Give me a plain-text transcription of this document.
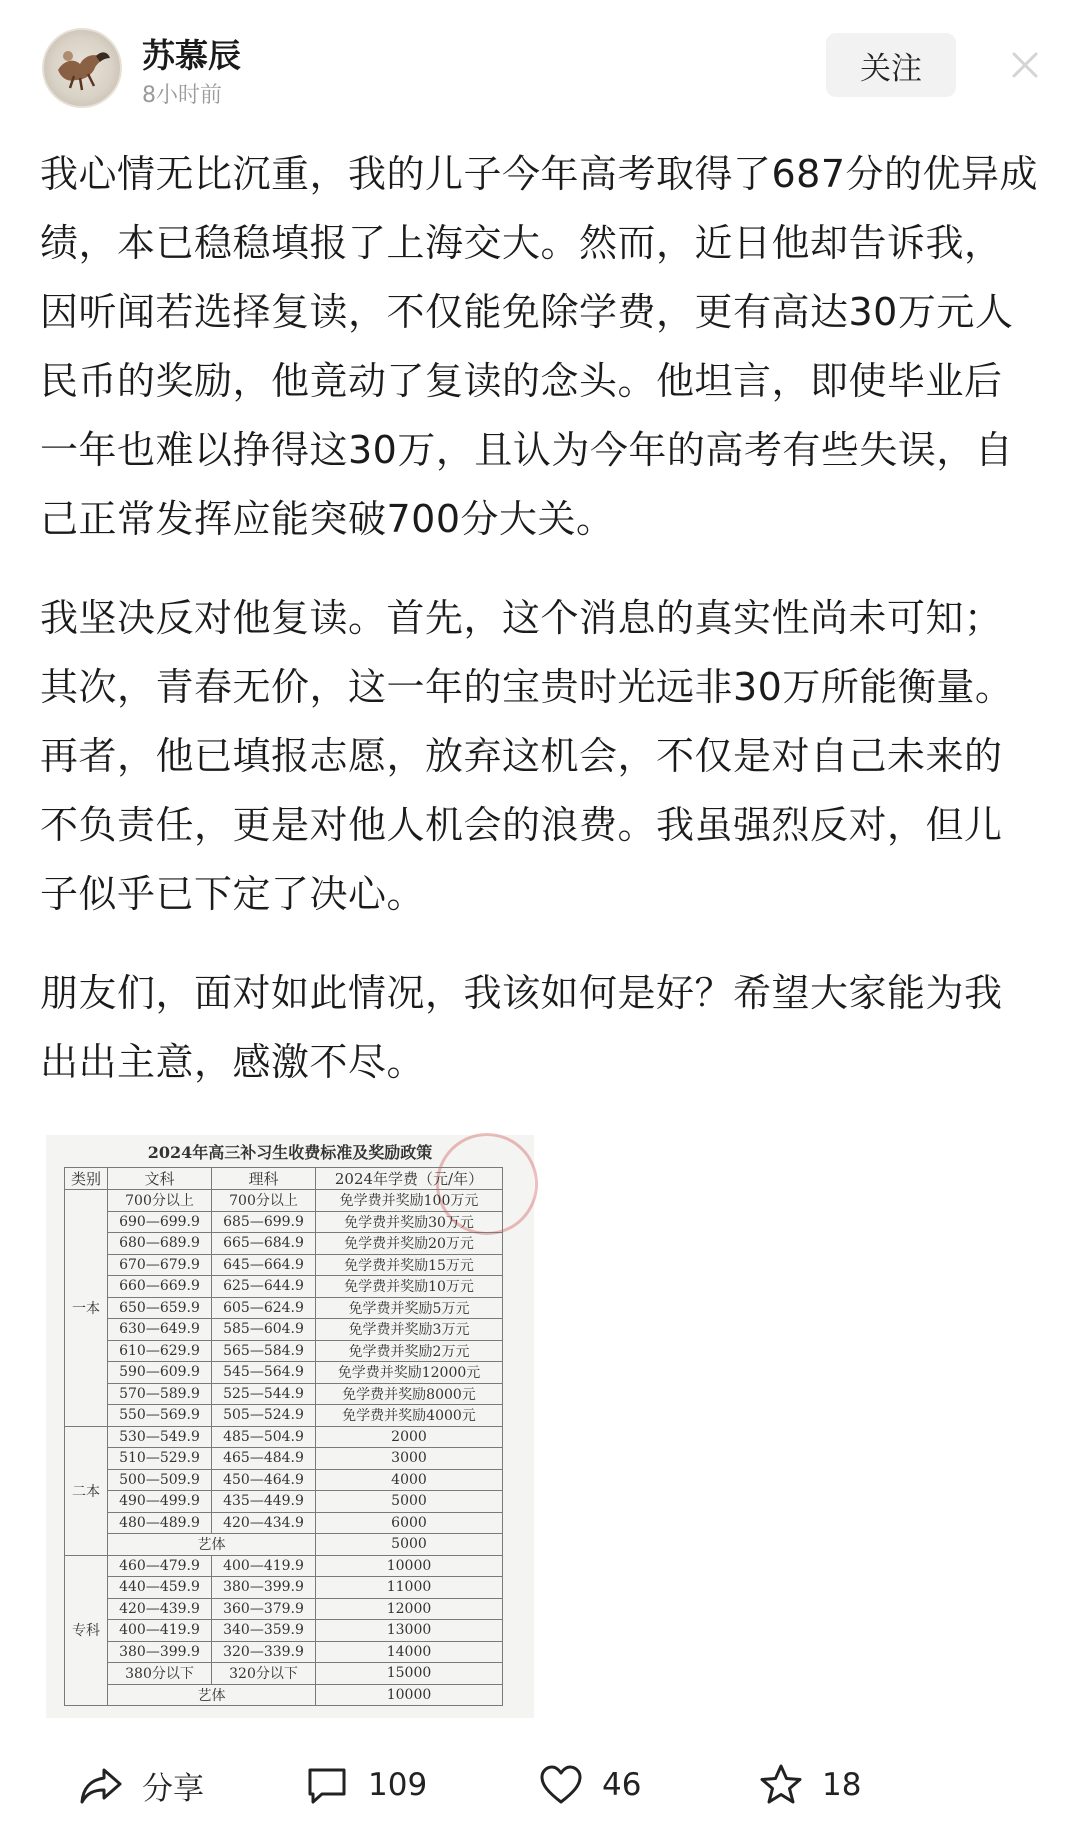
苏慕辰
8小时前
关注

我心情无比沉重，我的儿子今年高考取得了687分的优异成绩，本已稳稳填报了上海交大。然而，近日他却告诉我，因听闻若选择复读，不仅能免除学费，更有高达30万元人民币的奖励，他竟动了复读的念头。他坦言，即使毕业后一年也难以挣得这30万，且认为今年的高考有些失误，自己正常发挥应能突破700分大关。

我坚决反对他复读。首先，这个消息的真实性尚未可知；其次，青春无价，这一年的宝贵时光远非30万所能衡量。再者，他已填报志愿，放弃这机会，不仅是对自己未来的不负责任，更是对他人机会的浪费。我虽强烈反对，但儿子似乎已下定了决心。

朋友们，面对如此情况，我该如何是好？希望大家能为我出出主意，感激不尽。

2024年高三补习生收费标准及奖励政策
类别	文科	理科	2024年学费（元/年）
一本	700分以上	700分以上	免学费并奖励100万元
	690—699.9	685—699.9	免学费并奖励30万元
	680—689.9	665—684.9	免学费并奖励20万元
	670—679.9	645—664.9	免学费并奖励15万元
	660—669.9	625—644.9	免学费并奖励10万元
	650—659.9	605—624.9	免学费并奖励5万元
	630—649.9	585—604.9	免学费并奖励3万元
	610—629.9	565—584.9	免学费并奖励2万元
	590—609.9	545—564.9	免学费并奖励12000元
	570—589.9	525—544.9	免学费并奖励8000元
	550—569.9	505—524.9	免学费并奖励4000元
二本	530—549.9	485—504.9	2000
	510—529.9	465—484.9	3000
	500—509.9	450—464.9	4000
	490—499.9	435—449.9	5000
	480—489.9	420—434.9	6000
	艺体		5000
专科	460—479.9	400—419.9	10000
	440—459.9	380—399.9	11000
	420—439.9	360—379.9	12000
	400—419.9	340—359.9	13000
	380—399.9	320—339.9	14000
	380分以下	320分以下	15000
	艺体		10000
分享	109	46	18
